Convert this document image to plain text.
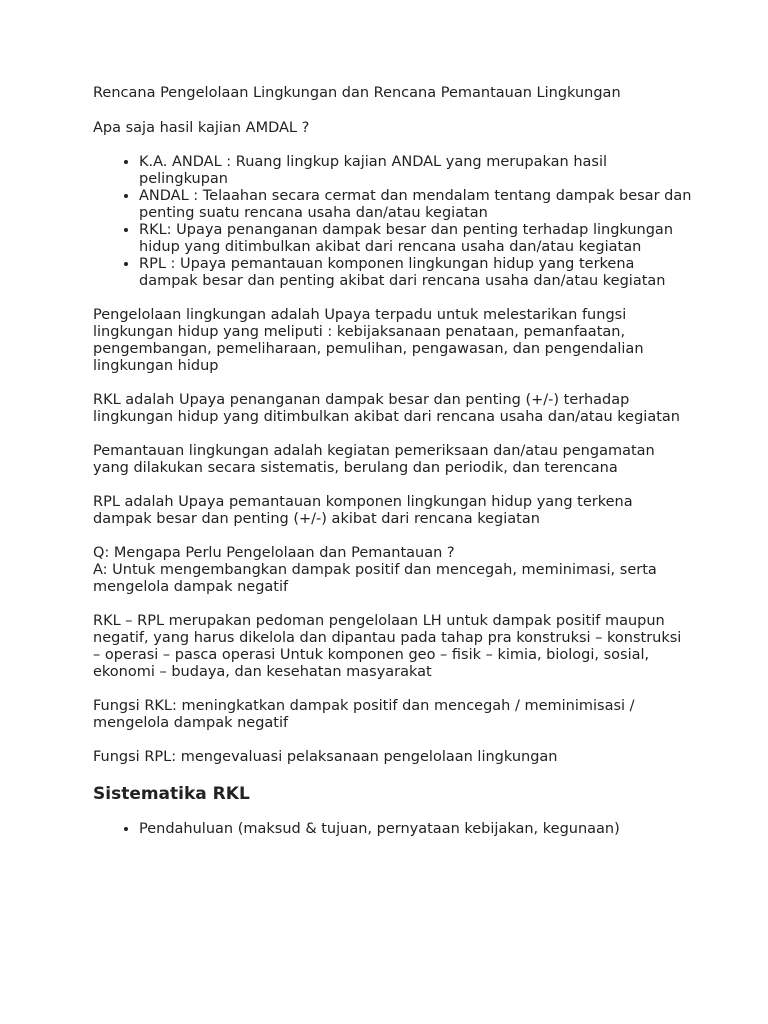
Rencana Pengelolaan Lingkungan dan Rencana Pemantauan Lingkungan

Apa saja hasil kajian AMDAL ?

• K.A. ANDAL : Ruang lingkup kajian ANDAL yang merupakan hasil pelingkupan
• ANDAL : Telaahan secara cermat dan mendalam tentang dampak besar dan penting suatu rencana usaha dan/atau kegiatan
• RKL: Upaya penanganan dampak besar dan penting terhadap lingkungan hidup yang ditimbulkan akibat dari rencana usaha dan/atau kegiatan
• RPL : Upaya pemantauan komponen lingkungan hidup yang terkena dampak besar dan penting akibat dari rencana usaha dan/atau kegiatan

Pengelolaan lingkungan adalah Upaya terpadu untuk melestarikan fungsi lingkungan hidup yang meliputi : kebijaksanaan penataan, pemanfaatan, pengembangan, pemeliharaan, pemulihan, pengawasan, dan pengendalian lingkungan hidup

RKL adalah Upaya penanganan dampak besar dan penting (+/-) terhadap lingkungan hidup yang ditimbulkan akibat dari rencana usaha dan/atau kegiatan

Pemantauan lingkungan adalah kegiatan pemeriksaan dan/atau pengamatan yang dilakukan secara sistematis, berulang dan periodik, dan terencana

RPL adalah Upaya pemantauan komponen lingkungan hidup yang terkena dampak besar dan penting (+/-) akibat dari rencana kegiatan

Q: Mengapa Perlu Pengelolaan dan Pemantauan ?

A: Untuk mengembangkan dampak positif dan mencegah, meminimasi, serta mengelola dampak negatif

RKL – RPL merupakan pedoman pengelolaan LH untuk dampak positif maupun negatif, yang harus dikelola dan dipantau pada tahap pra konstruksi – konstruksi – operasi – pasca operasi Untuk komponen geo – fisik – kimia, biologi, sosial, ekonomi – budaya, dan kesehatan masyarakat

Fungsi RKL: meningkatkan dampak positif dan mencegah / meminimisasi / mengelola dampak negatif

Fungsi RPL: mengevaluasi pelaksanaan pengelolaan lingkungan

Sistematika RKL
• Pendahuluan (maksud & tujuan, pernyataan kebijakan, kegunaan)
